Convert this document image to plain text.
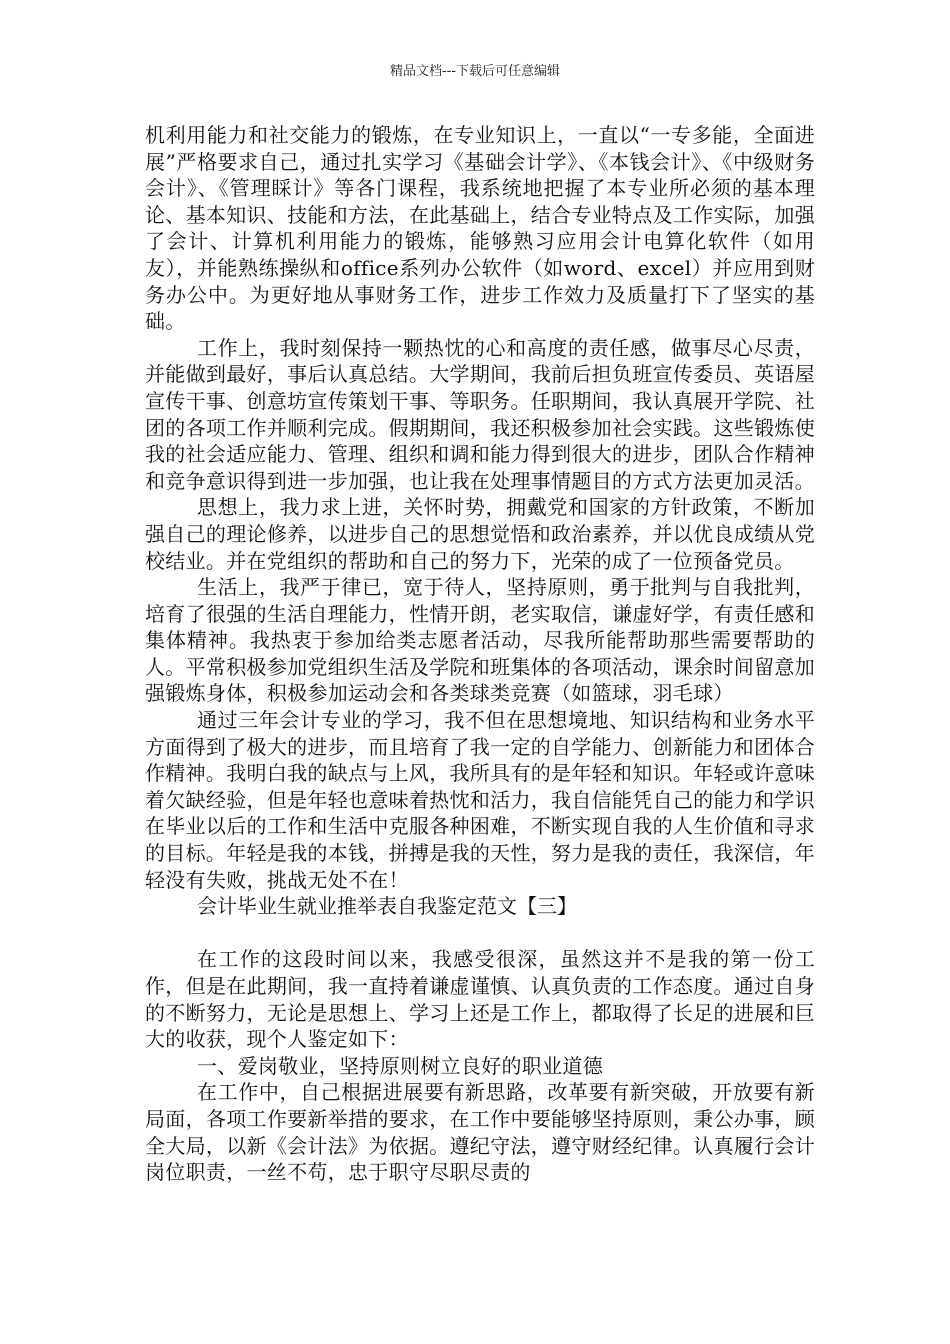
精品文档---下载后可任意编辑

机利用能力和社交能力的锻炼，在专业知识上，一直以“一专多能，全面进展”严格要求自己，通过扎实学习《基础会计学》、《本钱会计》、《中级财务会计》、《管理睬计》等各门课程，我系统地把握了本专业所必须的基本理论、基本知识、技能和方法，在此基础上，结合专业特点及工作实际，加强了会计、计算机利用能力的锻炼，能够熟习应用会计电算化软件（如用友），并能熟练操纵和office系列办公软件（如word、excel）并应用到财务办公中。为更好地从事财务工作，进步工作效力及质量打下了坚实的基础。

工作上，我时刻保持一颗热忱的心和高度的责任感，做事尽心尽责，并能做到最好，事后认真总结。大学期间，我前后担负班宣传委员、英语屋宣传干事、创意坊宣传策划干事、等职务。任职期间，我认真展开学院、社团的各项工作并顺利完成。假期期间，我还积极参加社会实践。这些锻炼使我的社会适应能力、管理、组织和调和能力得到很大的进步，团队合作精神和竞争意识得到进一步加强，也让我在处理事情题目的方式方法更加灵活。

思想上，我力求上进，关怀时势，拥戴党和国家的方针政策，不断加强自己的理论修养，以进步自己的思想觉悟和政治素养，并以优良成绩从党校结业。并在党组织的帮助和自己的努力下，光荣的成了一位预备党员。

生活上，我严于律已，宽于待人，坚持原则，勇于批判与自我批判，培育了很强的生活自理能力，性情开朗，老实取信，谦虚好学，有责任感和集体精神。我热衷于参加给类志愿者活动，尽我所能帮助那些需要帮助的人。平常积极参加党组织生活及学院和班集体的各项活动，课余时间留意加强锻炼身体，积极参加运动会和各类球类竞赛（如篮球，羽毛球）

通过三年会计专业的学习，我不但在思想境地、知识结构和业务水平方面得到了极大的进步，而且培育了我一定的自学能力、创新能力和团体合作精神。我明白我的缺点与上风，我所具有的是年轻和知识。年轻或许意味着欠缺经验，但是年轻也意味着热忱和活力，我自信能凭自己的能力和学识在毕业以后的工作和生活中克服各种困难，不断实现自我的人生价值和寻求的目标。年轻是我的本钱，拼搏是我的天性，努力是我的责任，我深信，年轻没有失败，挑战无处不在！

会计毕业生就业推举表自我鉴定范文【三】

在工作的这段时间以来，我感受很深，虽然这并不是我的第一份工作，但是在此期间，我一直持着谦虚谨慎、认真负责的工作态度。通过自身的不断努力，无论是思想上、学习上还是工作上，都取得了长足的进展和巨大的收获，现个人鉴定如下：

一、爱岗敬业，坚持原则树立良好的职业道德

在工作中，自己根据进展要有新思路，改革要有新突破，开放要有新局面，各项工作要新举措的要求，在工作中要能够坚持原则，秉公办事，顾全大局，以新《会计法》为依据。遵纪守法，遵守财经纪律。认真履行会计岗位职责，一丝不苟，忠于职守尽职尽责的
